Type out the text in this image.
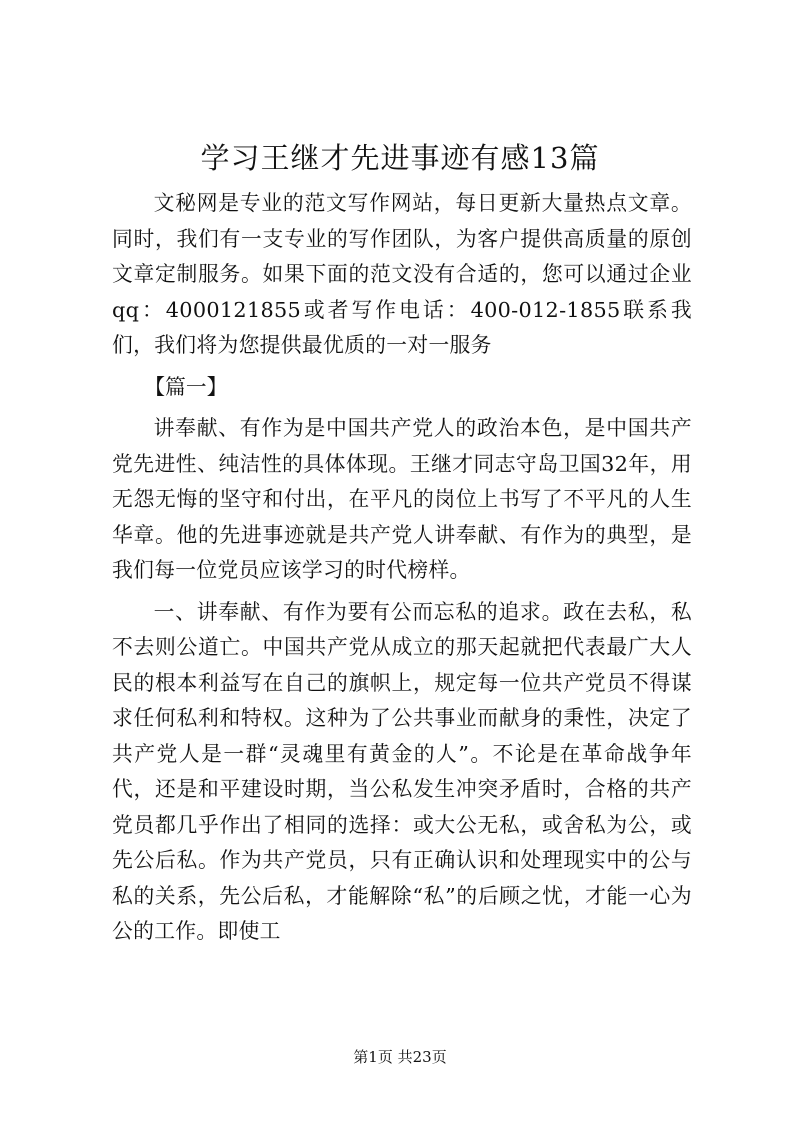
学习王继才先进事迹有感13篇

文秘网是专业的范文写作网站，每日更新大量热点文章。同时，我们有一支专业的写作团队，为客户提供高质量的原创文章定制服务。如果下面的范文没有合适的，您可以通过企业qq：4000121855或者写作电话：400-012-1855联系我们，我们将为您提供最优质的一对一服务

【篇一】

讲奉献、有作为是中国共产党人的政治本色，是中国共产党先进性、纯洁性的具体体现。王继才同志守岛卫国32年，用无怨无悔的坚守和付出，在平凡的岗位上书写了不平凡的人生华章。他的先进事迹就是共产党人讲奉献、有作为的典型，是我们每一位党员应该学习的时代榜样。

一、讲奉献、有作为要有公而忘私的追求。政在去私，私不去则公道亡。中国共产党从成立的那天起就把代表最广大人民的根本利益写在自己的旗帜上，规定每一位共产党员不得谋求任何私利和特权。这种为了公共事业而献身的秉性，决定了共产党人是一群“灵魂里有黄金的人”。不论是在革命战争年代，还是和平建设时期，当公私发生冲突矛盾时，合格的共产党员都几乎作出了相同的选择：或大公无私，或舍私为公，或先公后私。作为共产党员，只有正确认识和处理现实中的公与私的关系，先公后私，才能解除“私”的后顾之忧，才能一心为公的工作。即使工

第1页 共23页
